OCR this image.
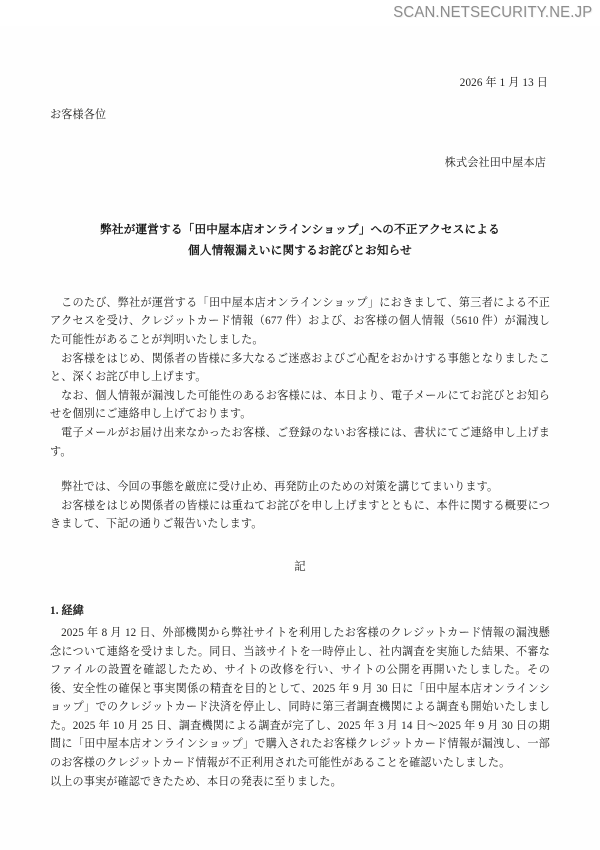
SCAN.NETSECURITY.NE.JP
2026 年 1 月 13 日
お客様各位
株式会社田中屋本店
弊社が運営する「田中屋本店オンラインショップ」への不正アクセスによる
個人情報漏えいに関するお詫びとお知らせ

このたび、弊社が運営する「田中屋本店オンラインショップ」におきまして、第三者による不正アクセスを受け、クレジットカード情報（677 件）および、お客様の個人情報（5610 件）が漏洩した可能性があることが判明いたしました。

お客様をはじめ、関係者の皆様に多大なるご迷惑およびご心配をおかけする事態となりましたこと、深くお詫び申し上げます。

なお、個人情報が漏洩した可能性のあるお客様には、本日より、電子メールにてお詫びとお知らせを個別にご連絡申し上げております。

電子メールがお届け出来なかったお客様、ご登録のないお客様には、書状にてご連絡申し上げます。

弊社では、今回の事態を厳庶に受け止め、再発防止のための対策を講じてまいります。

お客様をはじめ関係者の皆様には重ねてお詫びを申し上げますとともに、本件に関する概要につきまして、下記の通りご報告いたします。

記
1. 経緯

2025 年 8 月 12 日、外部機関から弊社サイトを利用したお客様のクレジットカード情報の漏洩懸念について連絡を受けました。同日、当該サイトを一時停止し、社内調査を実施した結果、不審なファイルの設置を確認したため、サイトの改修を行い、サイトの公開を再開いたしました。その後、安全性の確保と事実関係の精査を目的として、2025 年 9 月 30 日に「田中屋本店オンラインショップ」でのクレジットカード決済を停止し、同時に第三者調査機関による調査も開始いたしました。2025 年 10 月 25 日、調査機関による調査が完了し、2025 年 3 月 14 日～2025 年 9 月 30 日の期間に「田中屋本店オンラインショップ」で購入されたお客様クレジットカード情報が漏洩し、一部のお客様のクレジットカード情報が不正利用された可能性があることを確認いたしました。

以上の事実が確認できたため、本日の発表に至りました。
